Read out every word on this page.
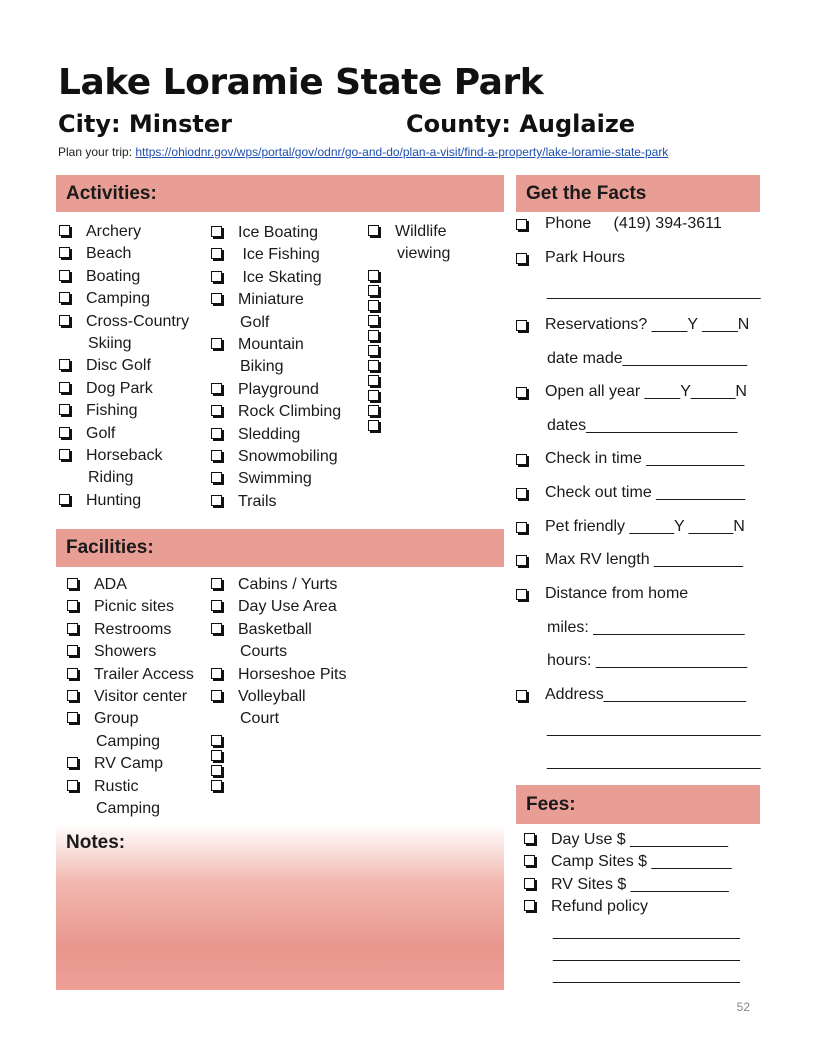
Lake Loramie State Park
City: Minster	County: Auglaize
Plan your trip: https://ohiodnr.gov/wps/portal/gov/odnr/go-and-do/plan-a-visit/find-a-property/lake-loramie-state-park
Activities:
Archery
Beach
Boating
Camping
Cross-Country
Skiing
Disc Golf
Dog Park
Fishing
Golf
Horseback
Riding
Hunting
Ice Boating
Ice Fishing
Ice Skating
Miniature
Golf
Mountain
Biking
Playground
Rock Climbing
Sledding
Snowmobiling
Swimming
Trails
Wildlife
viewing
Facilities:
ADA
Picnic sites
Restrooms
Showers
Trailer Access
Visitor center
Group
Camping
RV Camp
Rustic
Camping
Cabins / Yurts
Day Use Area
Basketball
Courts
Horseshoe Pits
Volleyball
Court
Notes:
Get the Facts
Phone     (419) 394-3611
Park Hours
________________________
Reservations? ____Y ____N
date made______________
Open all year ____Y_____N
dates_________________
Check in time ___________
Check out time __________
Pet friendly _____Y _____N
Max RV length __________
Distance from home
miles: _________________
hours: _________________
Address________________
________________________
________________________
Fees:
Day Use $ ___________
Camp Sites $ _________
RV Sites $ ___________
Refund policy
_____________________
_____________________
_____________________
52
